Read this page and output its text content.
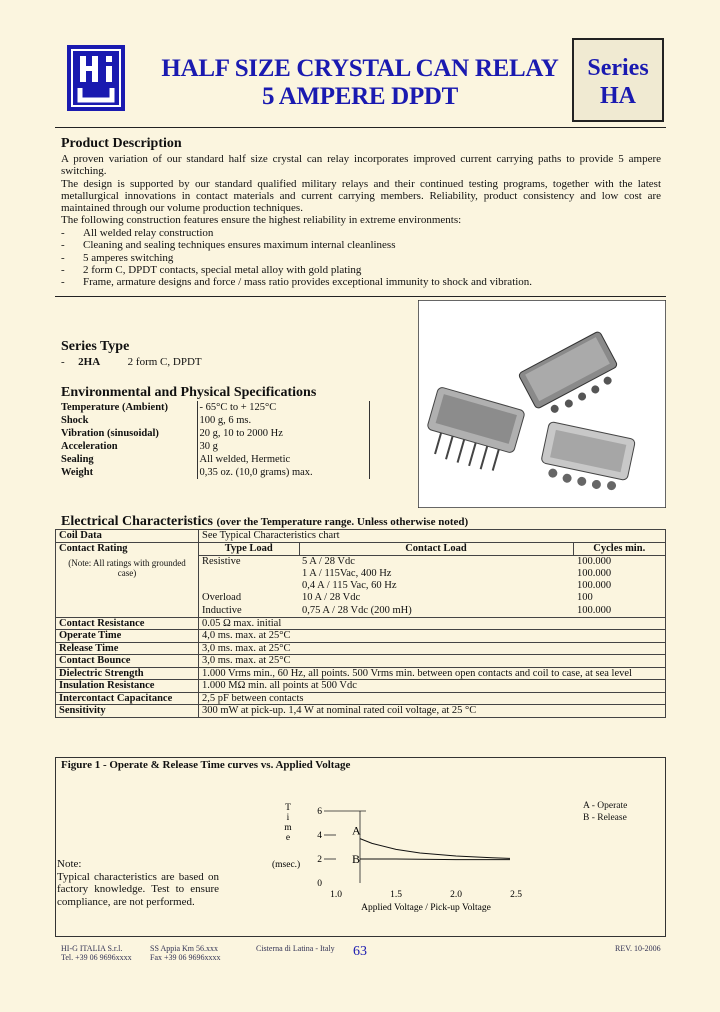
HALF SIZE CRYSTAL CAN RELAY
5 AMPERE DPDT
Series
HA
Product Description
A proven variation of our standard half size crystal can relay incorporates improved current carrying paths to provide 5 ampere switching.
The design is supported by our standard qualified military relays and their continued testing programs, together with the latest metallurgical innovations in contact materials and current carrying members. Reliability, product consistency and low cost are maintained through our volume production techniques.
The following construction features ensure the highest reliability in extreme environments:
- All welded relay construction
- Cleaning and sealing techniques ensures maximum internal cleanliness
- 5 amperes switching
- 2 form C, DPDT contacts, special metal alloy with gold plating
- Frame, armature designs and force / mass ratio provides exceptional immunity to shock and vibration.
Series Type
- 2HA	2 form C, DPDT
Environmental and Physical Specifications
Temperature (Ambient)	- 65°C to + 125°C
Shock	100 g, 6 ms.
Vibration (sinusoidal)	20 g, 10 to 2000 Hz
Acceleration	30 g
Sealing	All welded, Hermetic
Weight	0,35 oz. (10,0 grams) max.
Electrical Characteristics (over the Temperature range. Unless otherwise noted)
Coil Data	See Typical Characteristics chart

Contact Rating
(Note: All ratings with grounded case)

Type Load	Contact Load	Cycles min.
Resistive	5 A / 28 Vdc	100.000
	1 A / 115Vac, 400 Hz	100.000
	0,4 A / 115 Vac, 60 Hz	100.000
Overload	10 A / 28 Vdc	100
Inductive	0,75 A / 28 Vdc (200 mH)	100.000

Contact Resistance	0.05 Ω max. initial
Operate Time	4,0 ms. max. at 25°C
Release Time	3,0 ms. max. at 25°C
Contact Bounce	3,0 ms. max. at 25°C
Dielectric Strength	1.000 Vrms min., 60 Hz, all points. 500 Vrms min. between open contacts and coil to case, at sea level
Insulation Resistance	1.000 MΩ min. all points at 500 Vdc
Intercontact Capacitance	2,5 pF between contacts
Sensitivity	300 mW at pick-up. 1,4 W at nominal rated coil voltage, at 25 °C
Figure 1 - Operate & Release Time curves vs. Applied Voltage
Note:
Typical characteristics are based on factory knowledge. Test to ensure compliance, are not performed.
A - Operate
B - Release
1.0	1.5	2.0	2.5
0
2
4
6
T
i
m
e
(msec.)
Applied Voltage / Pick-up Voltage
A
B
HI-G ITALIA S.r.l.
Tel. +39 06 9696xxxx
SS Appia Km 56.xxx
Fax +39 06 9696xxxx
Cisterna di Latina - Italy 63	REV. 10-2006
